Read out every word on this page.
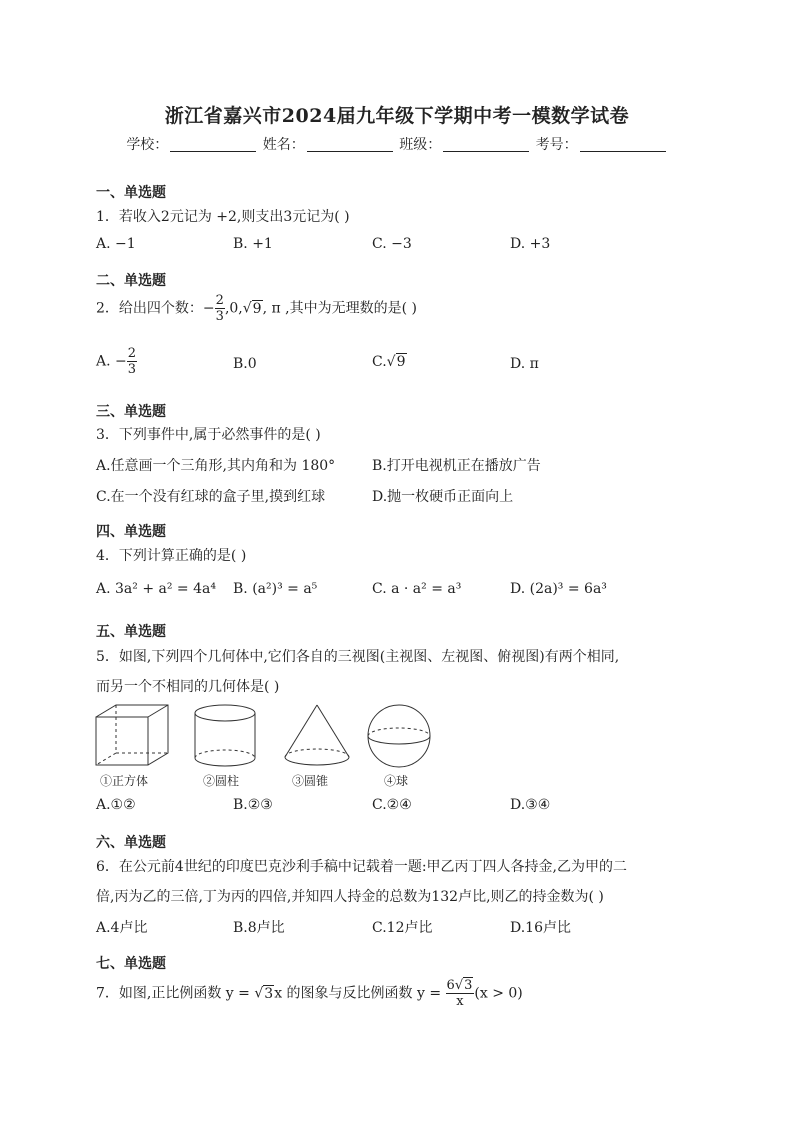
浙江省嘉兴市2024届九年级下学期中考一模数学试卷
学校：	姓名：	班级：	考号：
一、单选题
1．若收入2元记为 +2,则支出3元记为( )
A. −1	B. +1	C. −3	D. +3
二、单选题
2．给出四个数：− $\frac{2}{3} ,0,√9$, π ,其中为无理数的是( )
A. − $\frac{2}{3}$	B.0	C.√9	D. π
三、单选题
3．下列事件中,属于必然事件的是( )
A.任意画一个三角形,其内角和为 180°	B.打开电视机正在播放广告
C.在一个没有红球的盒子里,摸到红球	D.抛一枚硬币正面向上
四、单选题
4．下列计算正确的是( )
A. 3a² + a² = 4a⁴ B. (a²)³ = a⁵	C. a · a² = a³	D. (2a)³ = 6a³
五、单选题
5．如图,下列四个几何体中,它们各自的三视图(主视图、左视图、俯视图)有两个相同,
而另一个不相同的几何体是( )
①正方体	②圆柱	③圆锥	④球
A.①②	B.②③	C.②④	D.③④
六、单选题
6．在公元前4世纪的印度巴克沙利手稿中记载着一题:甲乙丙丁四人各持金,乙为甲的二
倍,丙为乙的三倍,丁为丙的四倍,并知四人持金的总数为132卢比,则乙的持金数为( )
A.4卢比	B.8卢比	C.12卢比	D.16卢比
七、单选题
7．如图,正比例函数 y = √3x 的图象与反比例函数 $y = \frac{6√3}{x} (x > 0)$
